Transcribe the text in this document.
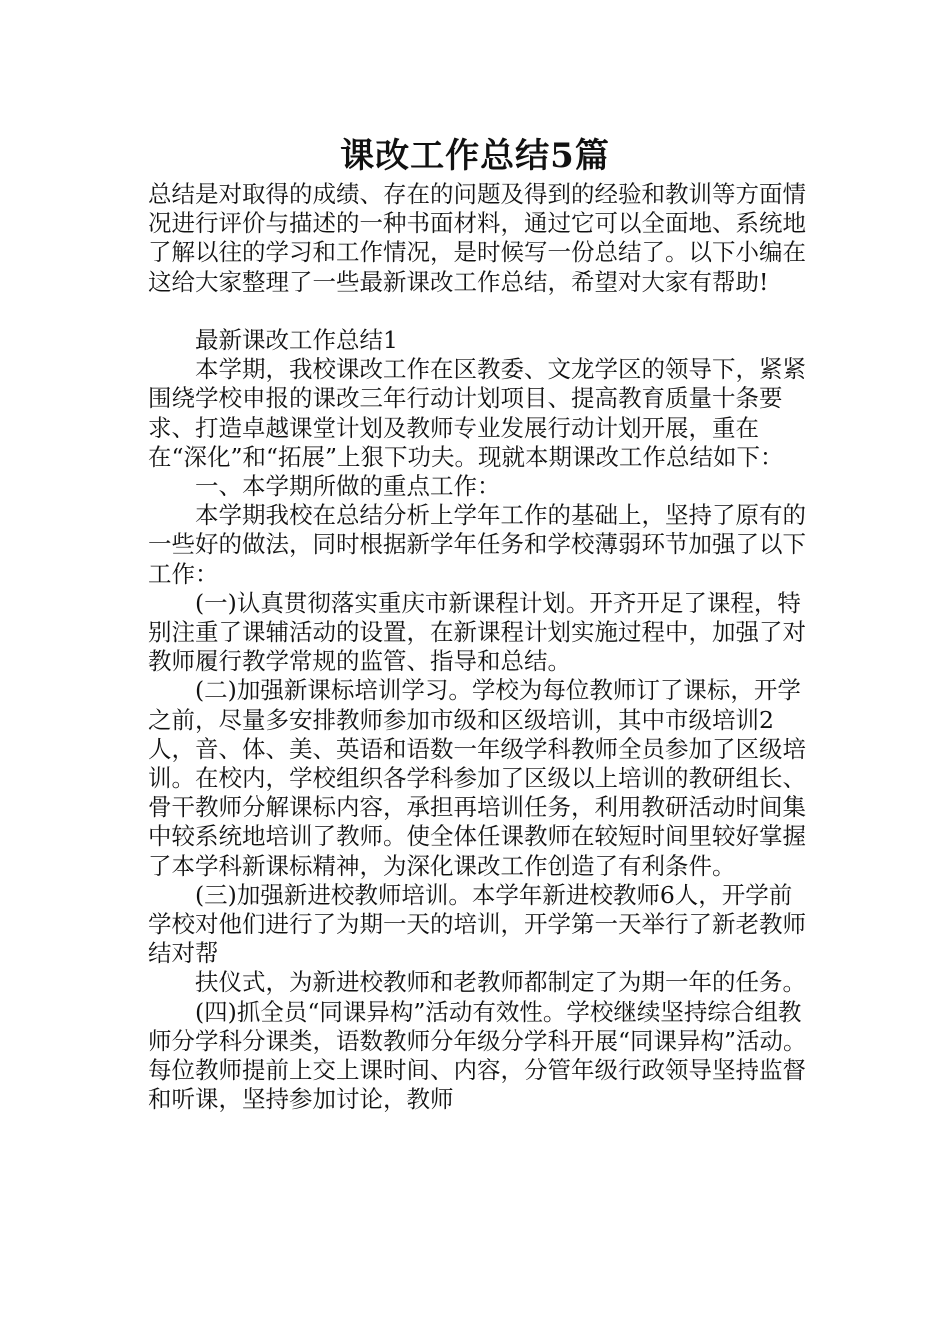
课改工作总结5篇

总结是对取得的成绩、存在的问题及得到的经验和教训等方面情况进行评价与描述的一种书面材料，通过它可以全面地、系统地了解以往的学习和工作情况，是时候写一份总结了。以下小编在这给大家整理了一些最新课改工作总结，希望对大家有帮助!

最新课改工作总结1

本学期，我校课改工作在区教委、文龙学区的领导下，紧紧围绕学校申报的课改三年行动计划项目、提高教育质量十条要求、打造卓越课堂计划及教师专业发展行动计划开展，重在在“深化”和“拓展”上狠下功夫。现就本期课改工作总结如下：

一、本学期所做的重点工作：

本学期我校在总结分析上学年工作的基础上，坚持了原有的一些好的做法，同时根据新学年任务和学校薄弱环节加强了以下工作：

(一)认真贯彻落实重庆市新课程计划。开齐开足了课程，特别注重了课辅活动的设置，在新课程计划实施过程中，加强了对教师履行教学常规的监管、指导和总结。

(二)加强新课标培训学习。学校为每位教师订了课标，开学之前，尽量多安排教师参加市级和区级培训，其中市级培训2人，音、体、美、英语和语数一年级学科教师全员参加了区级培训。在校内，学校组织各学科参加了区级以上培训的教研组长、骨干教师分解课标内容，承担再培训任务，利用教研活动时间集中较系统地培训了教师。使全体任课教师在较短时间里较好掌握了本学科新课标精神，为深化课改工作创造了有利条件。

(三)加强新进校教师培训。本学年新进校教师6人，开学前学校对他们进行了为期一天的培训，开学第一天举行了新老教师结对帮

扶仪式，为新进校教师和老教师都制定了为期一年的任务。

(四)抓全员“同课异构”活动有效性。学校继续坚持综合组教师分学科分课类，语数教师分年级分学科开展“同课异构”活动。每位教师提前上交上课时间、内容，分管年级行政领导坚持监督和听课，坚持参加讨论，教师
